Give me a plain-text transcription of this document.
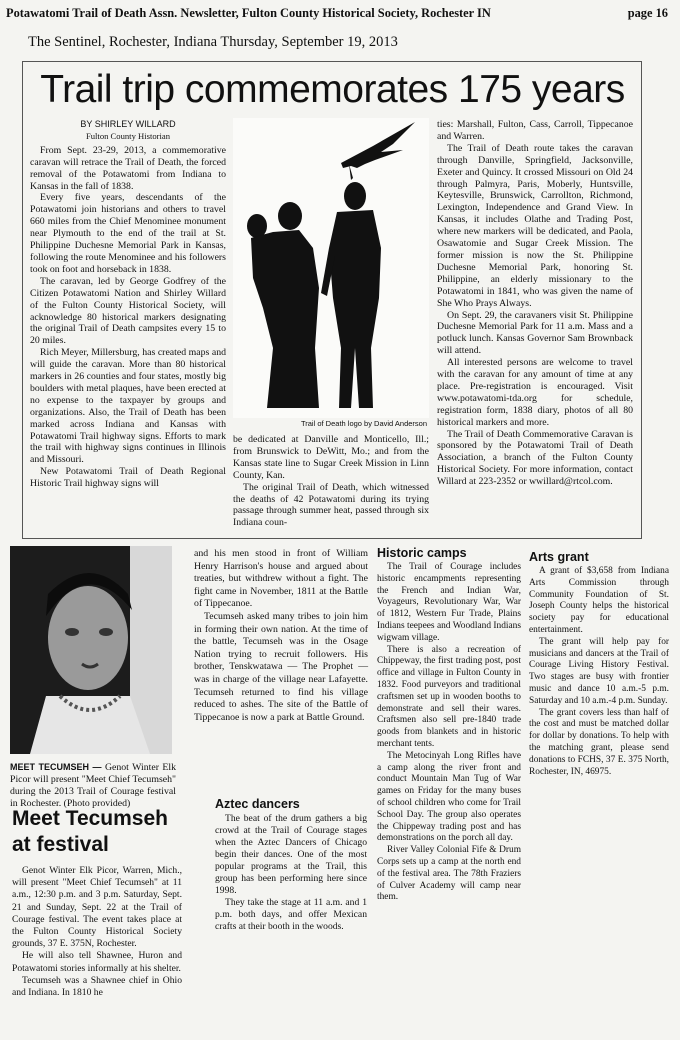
Potawatomi Trail of Death Assn. Newsletter, Fulton County Historical Society, Rochester IN	page 16
The Sentinel, Rochester, Indiana Thursday, September 19, 2013
Trail trip commemorates 175 years

BY SHIRLEY WILLARD

Fulton County Historian

From Sept. 23-29, 2013, a commemorative caravan will retrace the Trail of Death, the forced removal of the Potawatomi from Indiana to Kansas in the fall of 1838.

Every five years, descendants of the Potawatomi join historians and others to travel 660 miles from the Chief Menominee monument near Plymouth to the end of the trail at St. Philippine Duchesne Memorial Park in Kansas, following the route Menominee and his followers took on foot and horseback in 1838.

The caravan, led by George Godfrey of the Citizen Potawatomi Nation and Shirley Willard of the Fulton County Historical Society, will acknowledge 80 historical markers designating the original Trail of Death campsites every 15 to 20 miles.

Rich Meyer, Millersburg, has created maps and will guide the caravan. More than 80 historical markers in 26 counties and four states, mostly big boulders with metal plaques, have been erected at no expense to the taxpayer by groups and organizations. Also, the Trail of Death has been marked across Indiana and Kansas with Potawatomi Trail highway signs. Efforts to mark the trail with highway signs continues in Illinois and Missouri.

New Potawatomi Trail of Death Regional Historic Trail highway signs will

Trail of Death logo by David Anderson

be dedicated at Danville and Monticello, Ill.; from Brunswick to DeWitt, Mo.; and from the Kansas state line to Sugar Creek Mission in Linn County, Kan.

The original Trail of Death, which witnessed the deaths of 42 Potawatomi during its trying passage through summer heat, passed through six Indiana coun-

ties: Marshall, Fulton, Cass, Carroll, Tippecanoe and Warren.

The Trail of Death route takes the caravan through Danville, Springfield, Jacksonville, Exeter and Quincy. It crossed Missouri on Old 24 through Palmyra, Paris, Moberly, Huntsville, Keytesville, Brunswick, Carrollton, Richmond, Lexington, Independence and Grand View. In Kansas, it includes Olathe and Trading Post, where new markers will be dedicated, and Paola, Osawatomie and Sugar Creek Mission. The former mission is now the St. Philippine Duchesne Memorial Park, honoring St. Philippine, an elderly missionary to the Potawatomi in 1841, who was given the name of She Who Prays Always.

On Sept. 29, the caravaners visit St. Philippine Duchesne Memorial Park for 11 a.m. Mass and a potluck lunch. Kansas Governor Sam Brownback will attend.

All interested persons are welcome to travel with the caravan for any amount of time at any place. Pre-registration is encouraged. Visit www.potawatomi-tda.org for schedule, registration form, 1838 diary, photos of all 80 historical markers and more.

The Trail of Death Commemorative Caravan is sponsored by the Potawatomi Trail of Death Association, a branch of the Fulton County Historical Society. For more information, contact Willard at 223-2352 or wwillard@rtcol.com.

MEET TECUMSEH — Genot Winter Elk Picor will present "Meet Chief Tecumseh" during the 2013 Trail of Courage festival in Rochester. (Photo provided)
Meet Tecumseh
at festival

Genot Winter Elk Picor, Warren, Mich., will present "Meet Chief Tecumseh" at 11 a.m., 12:30 p.m. and 3 p.m. Saturday, Sept. 21 and Sunday, Sept. 22 at the Trail of Courage festival. The event takes place at the Fulton County Historical Society grounds, 37 E. 375N, Rochester.

He will also tell Shawnee, Huron and Potawatomi stories informally at his shelter.

Tecumseh was a Shawnee chief in Ohio and Indiana. In 1810 he

and his men stood in front of William Henry Harrison's house and argued about treaties, but withdrew without a fight. The fight came in November, 1811 at the Battle of Tippecanoe.

Tecumseh asked many tribes to join him in forming their own nation. At the time of the battle, Tecumseh was in the Osage Nation trying to recruit followers. His brother, Tenskwatawa — The Prophet — was in charge of the village near Lafayette. Tecumseh returned to find his village reduced to ashes. The site of the Battle of Tippecanoe is now a park at Battle Ground.

Aztec dancers

The beat of the drum gathers a big crowd at the Trail of Courage stages when the Aztec Dancers of Chicago begin their dances. One of the most popular programs at the Trail, this group has been performing here since 1998.

They take the stage at 11 a.m. and 1 p.m. both days, and offer Mexican crafts at their booth in the woods.

Historic camps

The Trail of Courage includes historic encampments representing the French and Indian War, Voyageurs, Revolutionary War, War of 1812, Western Fur Trade, Plains Indians teepees and Woodland Indians wigwam village.

There is also a recreation of Chippeway, the first trading post, post office and village in Fulton County in 1832. Food purveyors and traditional craftsmen set up in wooden booths to demonstrate and sell their wares. Craftsmen also sell pre-1840 trade goods from blankets and in historic merchant tents.

The Metocinyah Long Rifles have a camp along the river front and conduct Mountain Man Tug of War games on Friday for the many buses of school children who come for Trail School Day. The group also operates the Chippeway trading post and has demonstrations on the porch all day.

River Valley Colonial Fife & Drum Corps sets up a camp at the north end of the festival area. The 78th Fraziers of Culver Academy will camp near them.

Arts grant

A grant of $3,658 from Indiana Arts Commission through Community Foundation of St. Joseph County helps the historical society pay for educational entertainment.

The grant will help pay for musicians and dancers at the Trail of Courage Living History Festival. Two stages are busy with frontier music and dance 10 a.m.-5 p.m. Saturday and 10 a.m.-4 p.m. Sunday.

The grant covers less than half of the cost and must be matched dollar for dollar by donations. To help with the matching grant, please send donations to FCHS, 37 E. 375 North, Rochester, IN, 46975.
